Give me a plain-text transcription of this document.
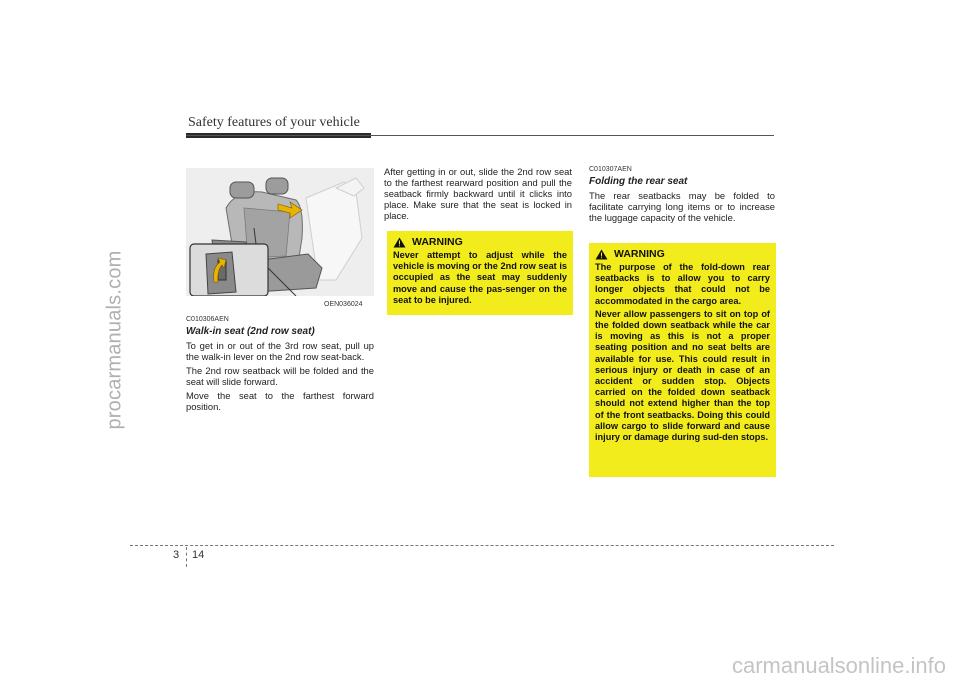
procarmanuals.com
Safety features of your vehicle
OEN036024
C010306AEN
Walk-in seat (2nd row seat)

To get in or out of the 3rd row seat, pull up the walk-in lever on the 2nd row seat-back.

The 2nd row seatback will be folded and the seat will slide forward.

Move the seat to the farthest forward position.

After getting in or out, slide the 2nd row seat to the farthest rearward position and pull the seatback firmly backward until it clicks into place. Make sure that the seat is locked in place.

WARNING

Never attempt to adjust while the vehicle is moving or the 2nd row seat is occupied as the seat may suddenly move and cause the pas-senger on the seat to be injured.

C010307AEN
Folding the rear seat

The rear seatbacks may be folded to facilitate carrying long items or to increase the luggage capacity of the vehicle.

WARNING

The purpose of the fold-down rear seatbacks is to allow you to carry longer objects that could not be accommodated in the cargo area.

Never allow passengers to sit on top of the folded down seatback while the car is moving as this is not a proper seating position and no seat belts are available for use. This could result in serious injury or death in case of an accident or sudden stop. Objects carried on the folded down seatback should not extend higher than the top of the front seatbacks. Doing this could allow cargo to slide forward and cause injury or damage during sud-den stops.

3 14
carmanualsonline.info
